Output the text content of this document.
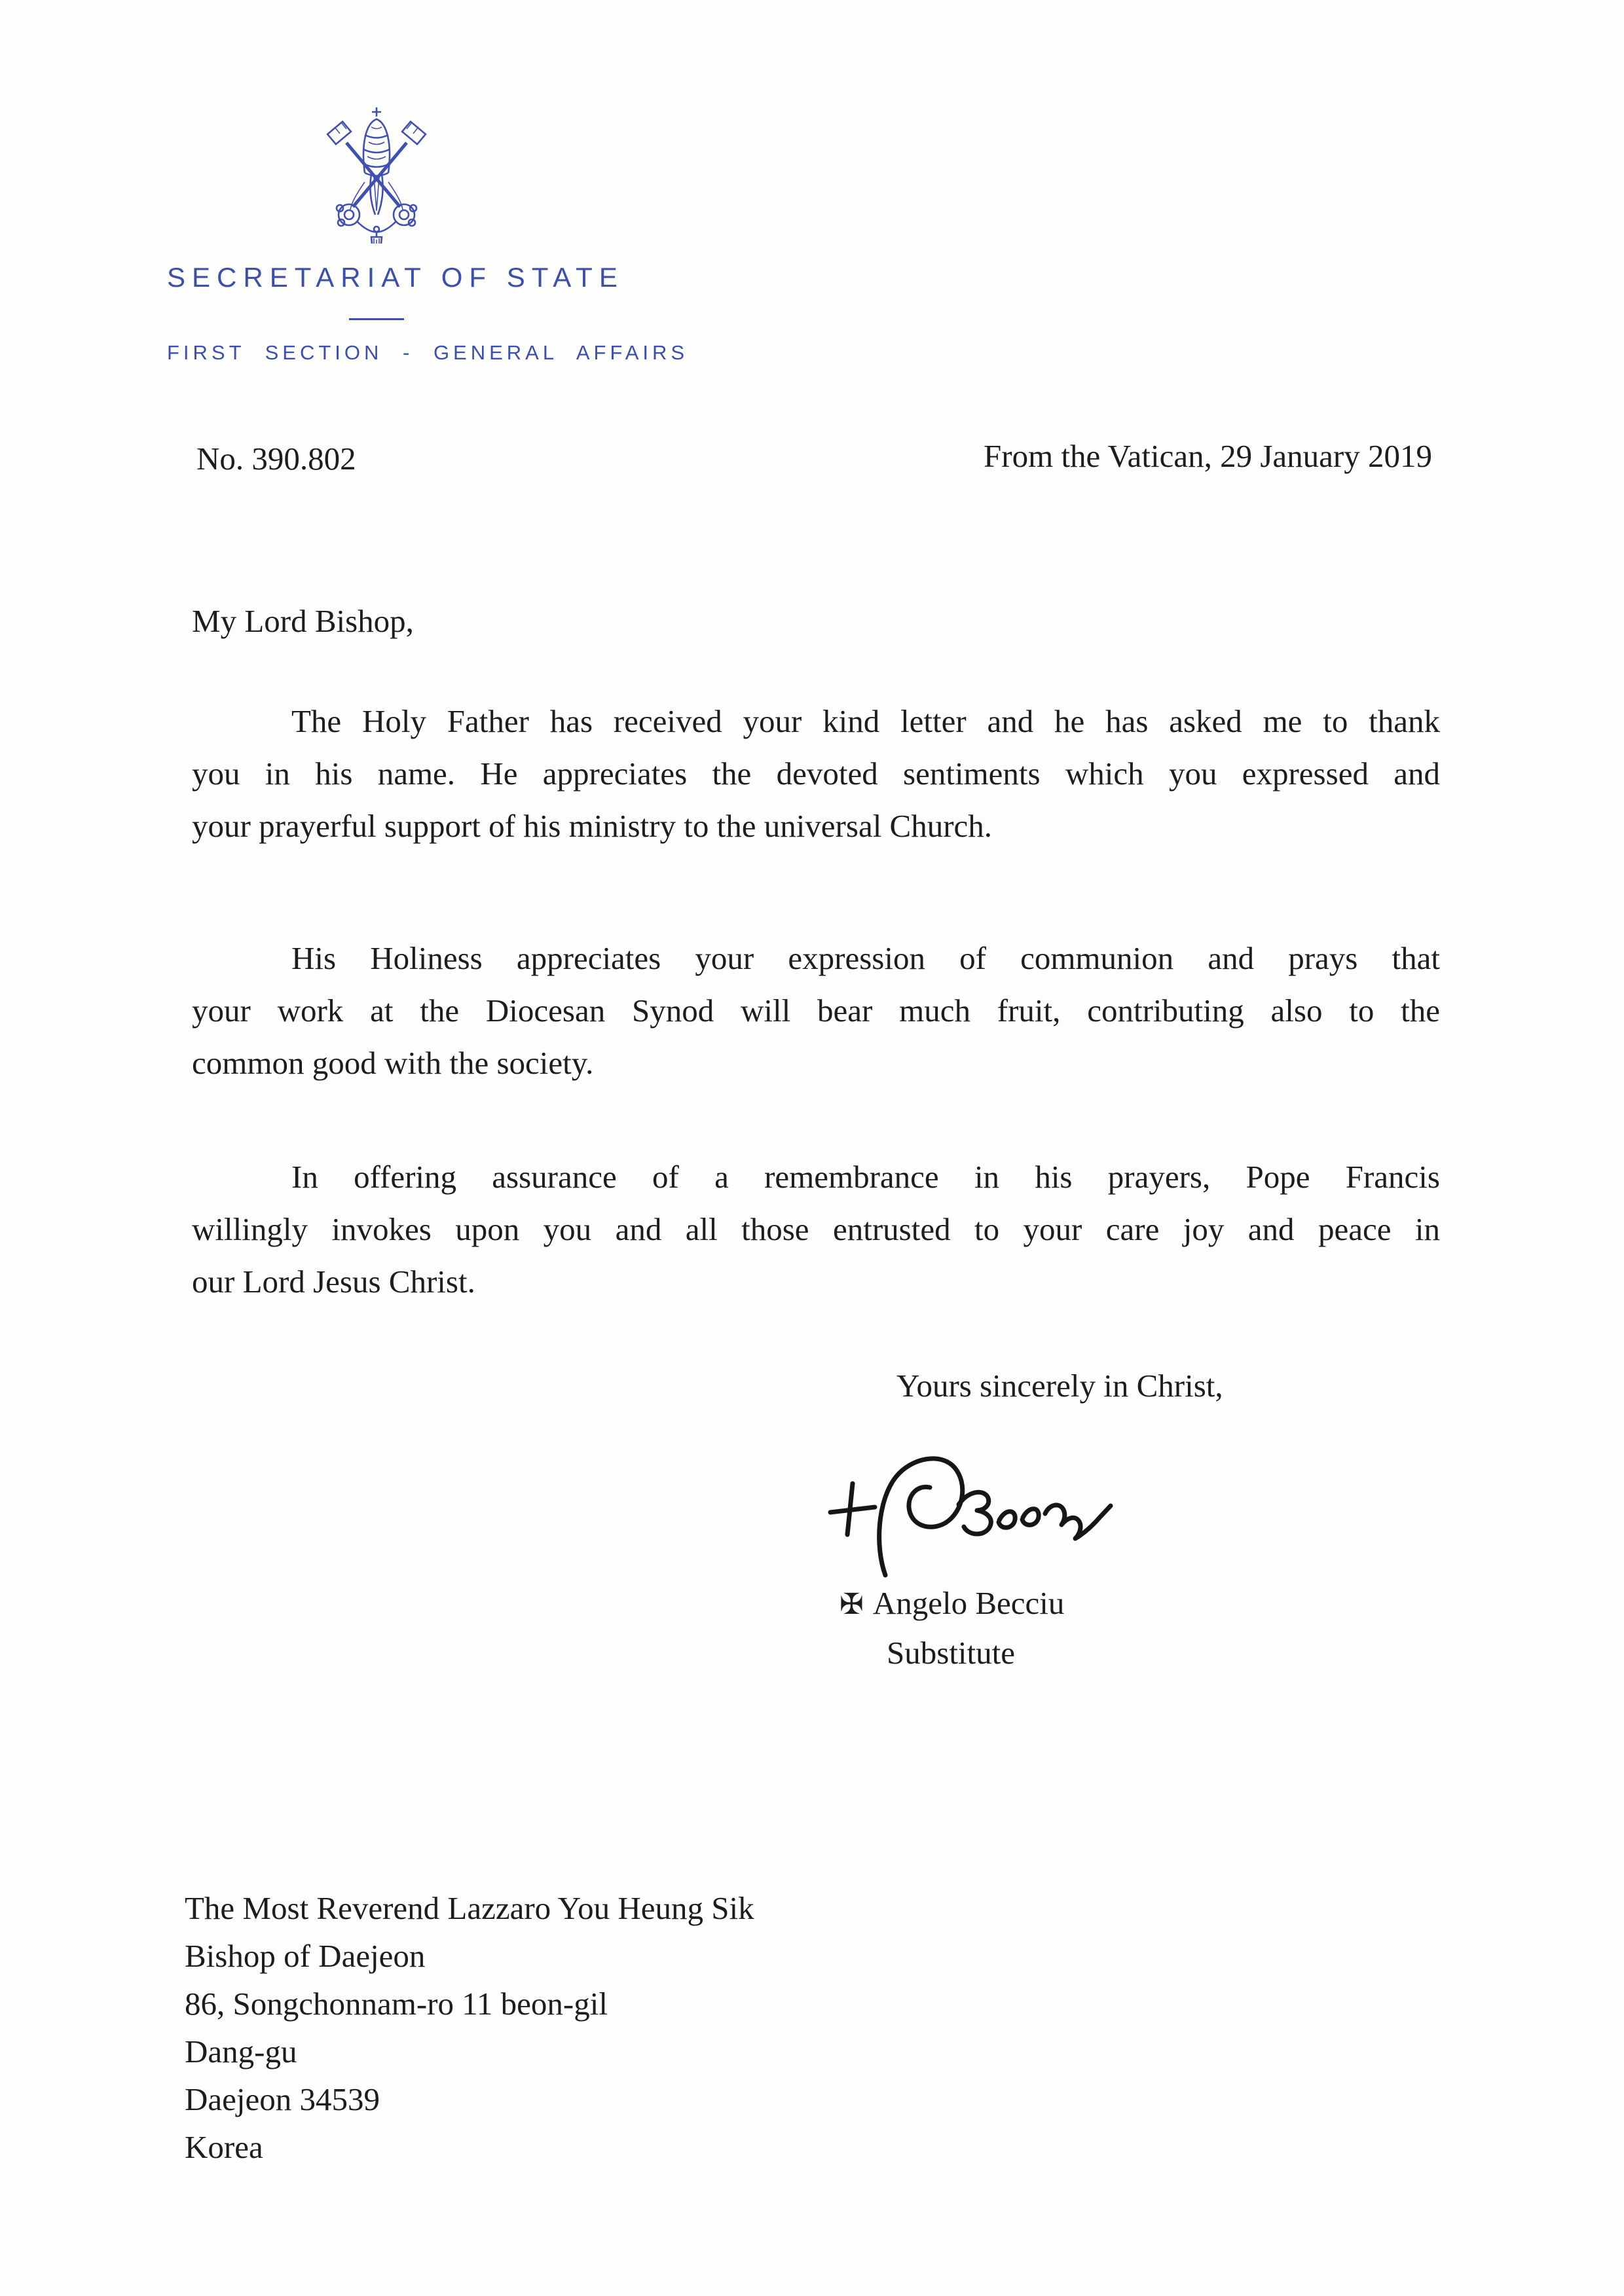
SECRETARIAT OF STATE
FIRST SECTION - GENERAL AFFAIRS
No. 390.802	From the Vatican, 29 January 2019
My Lord Bishop,
The Holy Father has received your kind letter and he has asked me to thank
you in his name. He appreciates the devoted sentiments which you expressed and
your prayerful support of his ministry to the universal Church.
His Holiness appreciates your expression of communion and prays that
your work at the Diocesan Synod will bear much fruit, contributing also to the
common good with the society.
In offering assurance of a remembrance in his prayers, Pope Francis
willingly invokes upon you and all those entrusted to your care joy and peace in
our Lord Jesus Christ.
Yours sincerely in Christ,
✠ Angelo Becciu
Substitute
The Most Reverend Lazzaro You Heung Sik
Bishop of Daejeon
86, Songchonnam-ro 11 beon-gil
Dang-gu
Daejeon 34539
Korea
